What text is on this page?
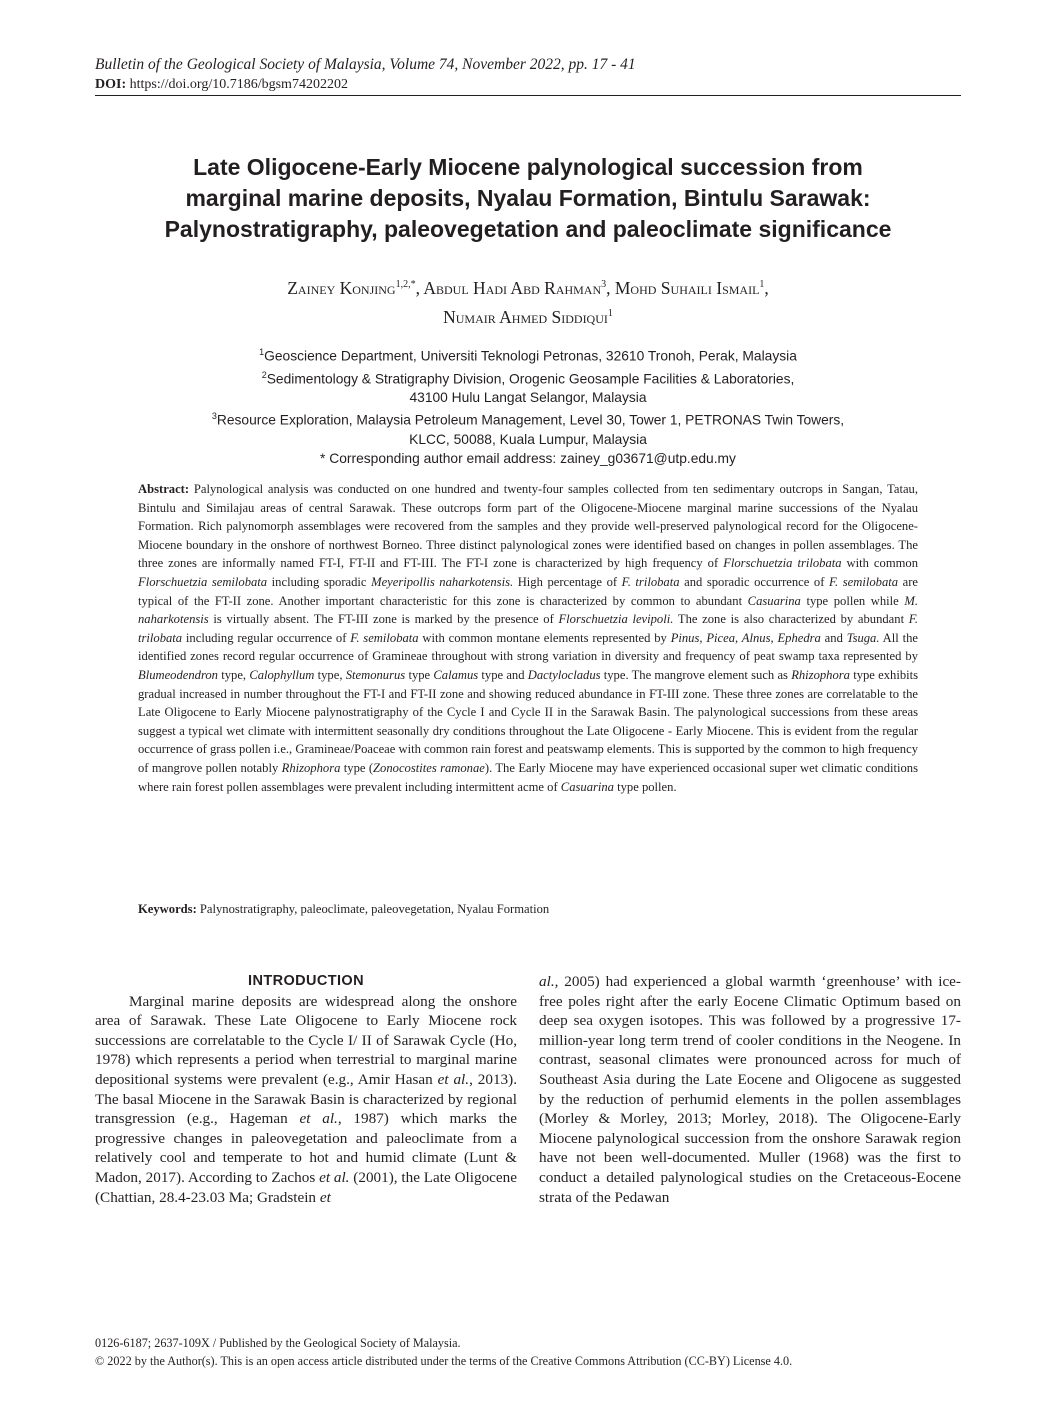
Bulletin of the Geological Society of Malaysia, Volume 74, November 2022, pp. 17 - 41
DOI: https://doi.org/10.7186/bgsm74202202
Late Oligocene-Early Miocene palynological succession from
marginal marine deposits, Nyalau Formation, Bintulu Sarawak:
Palynostratigraphy, paleovegetation and paleoclimate significance
Zainey Konjing$^{1,2,*}$, Abdul Hadi Abd Rahman$^3$, Mohd Suhaili Ismail$^1$,
Numair Ahmed Siddiqui$^1$
$^1$Geoscience Department, Universiti Teknologi Petronas, 32610 Tronoh, Perak, Malaysia
$^2$Sedimentology & Stratigraphy Division, Orogenic Geosample Facilities & Laboratories,
43100 Hulu Langat Selangor, Malaysia
$^3$Resource Exploration, Malaysia Petroleum Management, Level 30, Tower 1, PETRONAS Twin Towers,
KLCC, 50088, Kuala Lumpur, Malaysia
* Corresponding author email address: zainey_g03671@utp.edu.my
Abstract: Palynological analysis was conducted on one hundred and twenty-four samples collected from ten sedimentary outcrops in Sangan, Tatau, Bintulu and Similajau areas of central Sarawak. These outcrops form part of the Oligocene-Miocene marginal marine successions of the Nyalau Formation. Rich palynomorph assemblages were recovered from the samples and they provide well-preserved palynological record for the Oligocene-Miocene boundary in the onshore of northwest Borneo. Three distinct palynological zones were identified based on changes in pollen assemblages. The three zones are informally named FT-I, FT-II and FT-III. The FT-I zone is characterized by high frequency of Florschuetzia trilobata with common Florschuetzia semilobata including sporadic Meyeripollis naharkotensis. High percentage of F. trilobata and sporadic occurrence of F. semilobata are typical of the FT-II zone. Another important characteristic for this zone is characterized by common to abundant Casuarina type pollen while M. naharkotensis is virtually absent. The FT-III zone is marked by the presence of Florschuetzia levipoli. The zone is also characterized by abundant F. trilobata including regular occurrence of F. semilobata with common montane elements represented by Pinus, Picea, Alnus, Ephedra and Tsuga. All the identified zones record regular occurrence of Gramineae throughout with strong variation in diversity and frequency of peat swamp taxa represented by Blumeodendron type, Calophyllum type, Stemonurus type Calamus type and Dactylocladus type. The mangrove element such as Rhizophora type exhibits gradual increased in number throughout the FT-I and FT-II zone and showing reduced abundance in FT-III zone. These three zones are correlatable to the Late Oligocene to Early Miocene palynostratigraphy of the Cycle I and Cycle II in the Sarawak Basin. The palynological successions from these areas suggest a typical wet climate with intermittent seasonally dry conditions throughout the Late Oligocene - Early Miocene. This is evident from the regular occurrence of grass pollen i.e., Gramineae/Poaceae with common rain forest and peatswamp elements. This is supported by the common to high frequency of mangrove pollen notably Rhizophora type (Zonocostites ramonae). The Early Miocene may have experienced occasional super wet climatic conditions where rain forest pollen assemblages were prevalent including intermittent acme of Casuarina type pollen.
Keywords: Palynostratigraphy, paleoclimate, paleovegetation, Nyalau Formation
INTRODUCTION

Marginal marine deposits are widespread along the onshore area of Sarawak. These Late Oligocene to Early Miocene rock successions are correlatable to the Cycle I/ II of Sarawak Cycle (Ho, 1978) which represents a period when terrestrial to marginal marine depositional systems were prevalent (e.g., Amir Hasan et al., 2013). The basal Miocene in the Sarawak Basin is characterized by regional transgression (e.g., Hageman et al., 1987) which marks the progressive changes in paleovegetation and paleoclimate from a relatively cool and temperate to hot and humid climate (Lunt & Madon, 2017). According to Zachos et al. (2001), the Late Oligocene (Chattian, 28.4-23.03 Ma; Gradstein et

al., 2005) had experienced a global warmth ‘greenhouse’ with ice-free poles right after the early Eocene Climatic Optimum based on deep sea oxygen isotopes. This was followed by a progressive 17-million-year long term trend of cooler conditions in the Neogene. In contrast, seasonal climates were pronounced across for much of Southeast Asia during the Late Eocene and Oligocene as suggested by the reduction of perhumid elements in the pollen assemblages (Morley & Morley, 2013; Morley, 2018). The Oligocene-Early Miocene palynological succession from the onshore Sarawak region have not been well-documented. Muller (1968) was the first to conduct a detailed palynological studies on the Cretaceous-Eocene strata of the Pedawan

0126-6187; 2637-109X / Published by the Geological Society of Malaysia.
© 2022 by the Author(s). This is an open access article distributed under the terms of the Creative Commons Attribution (CC-BY) License 4.0.
